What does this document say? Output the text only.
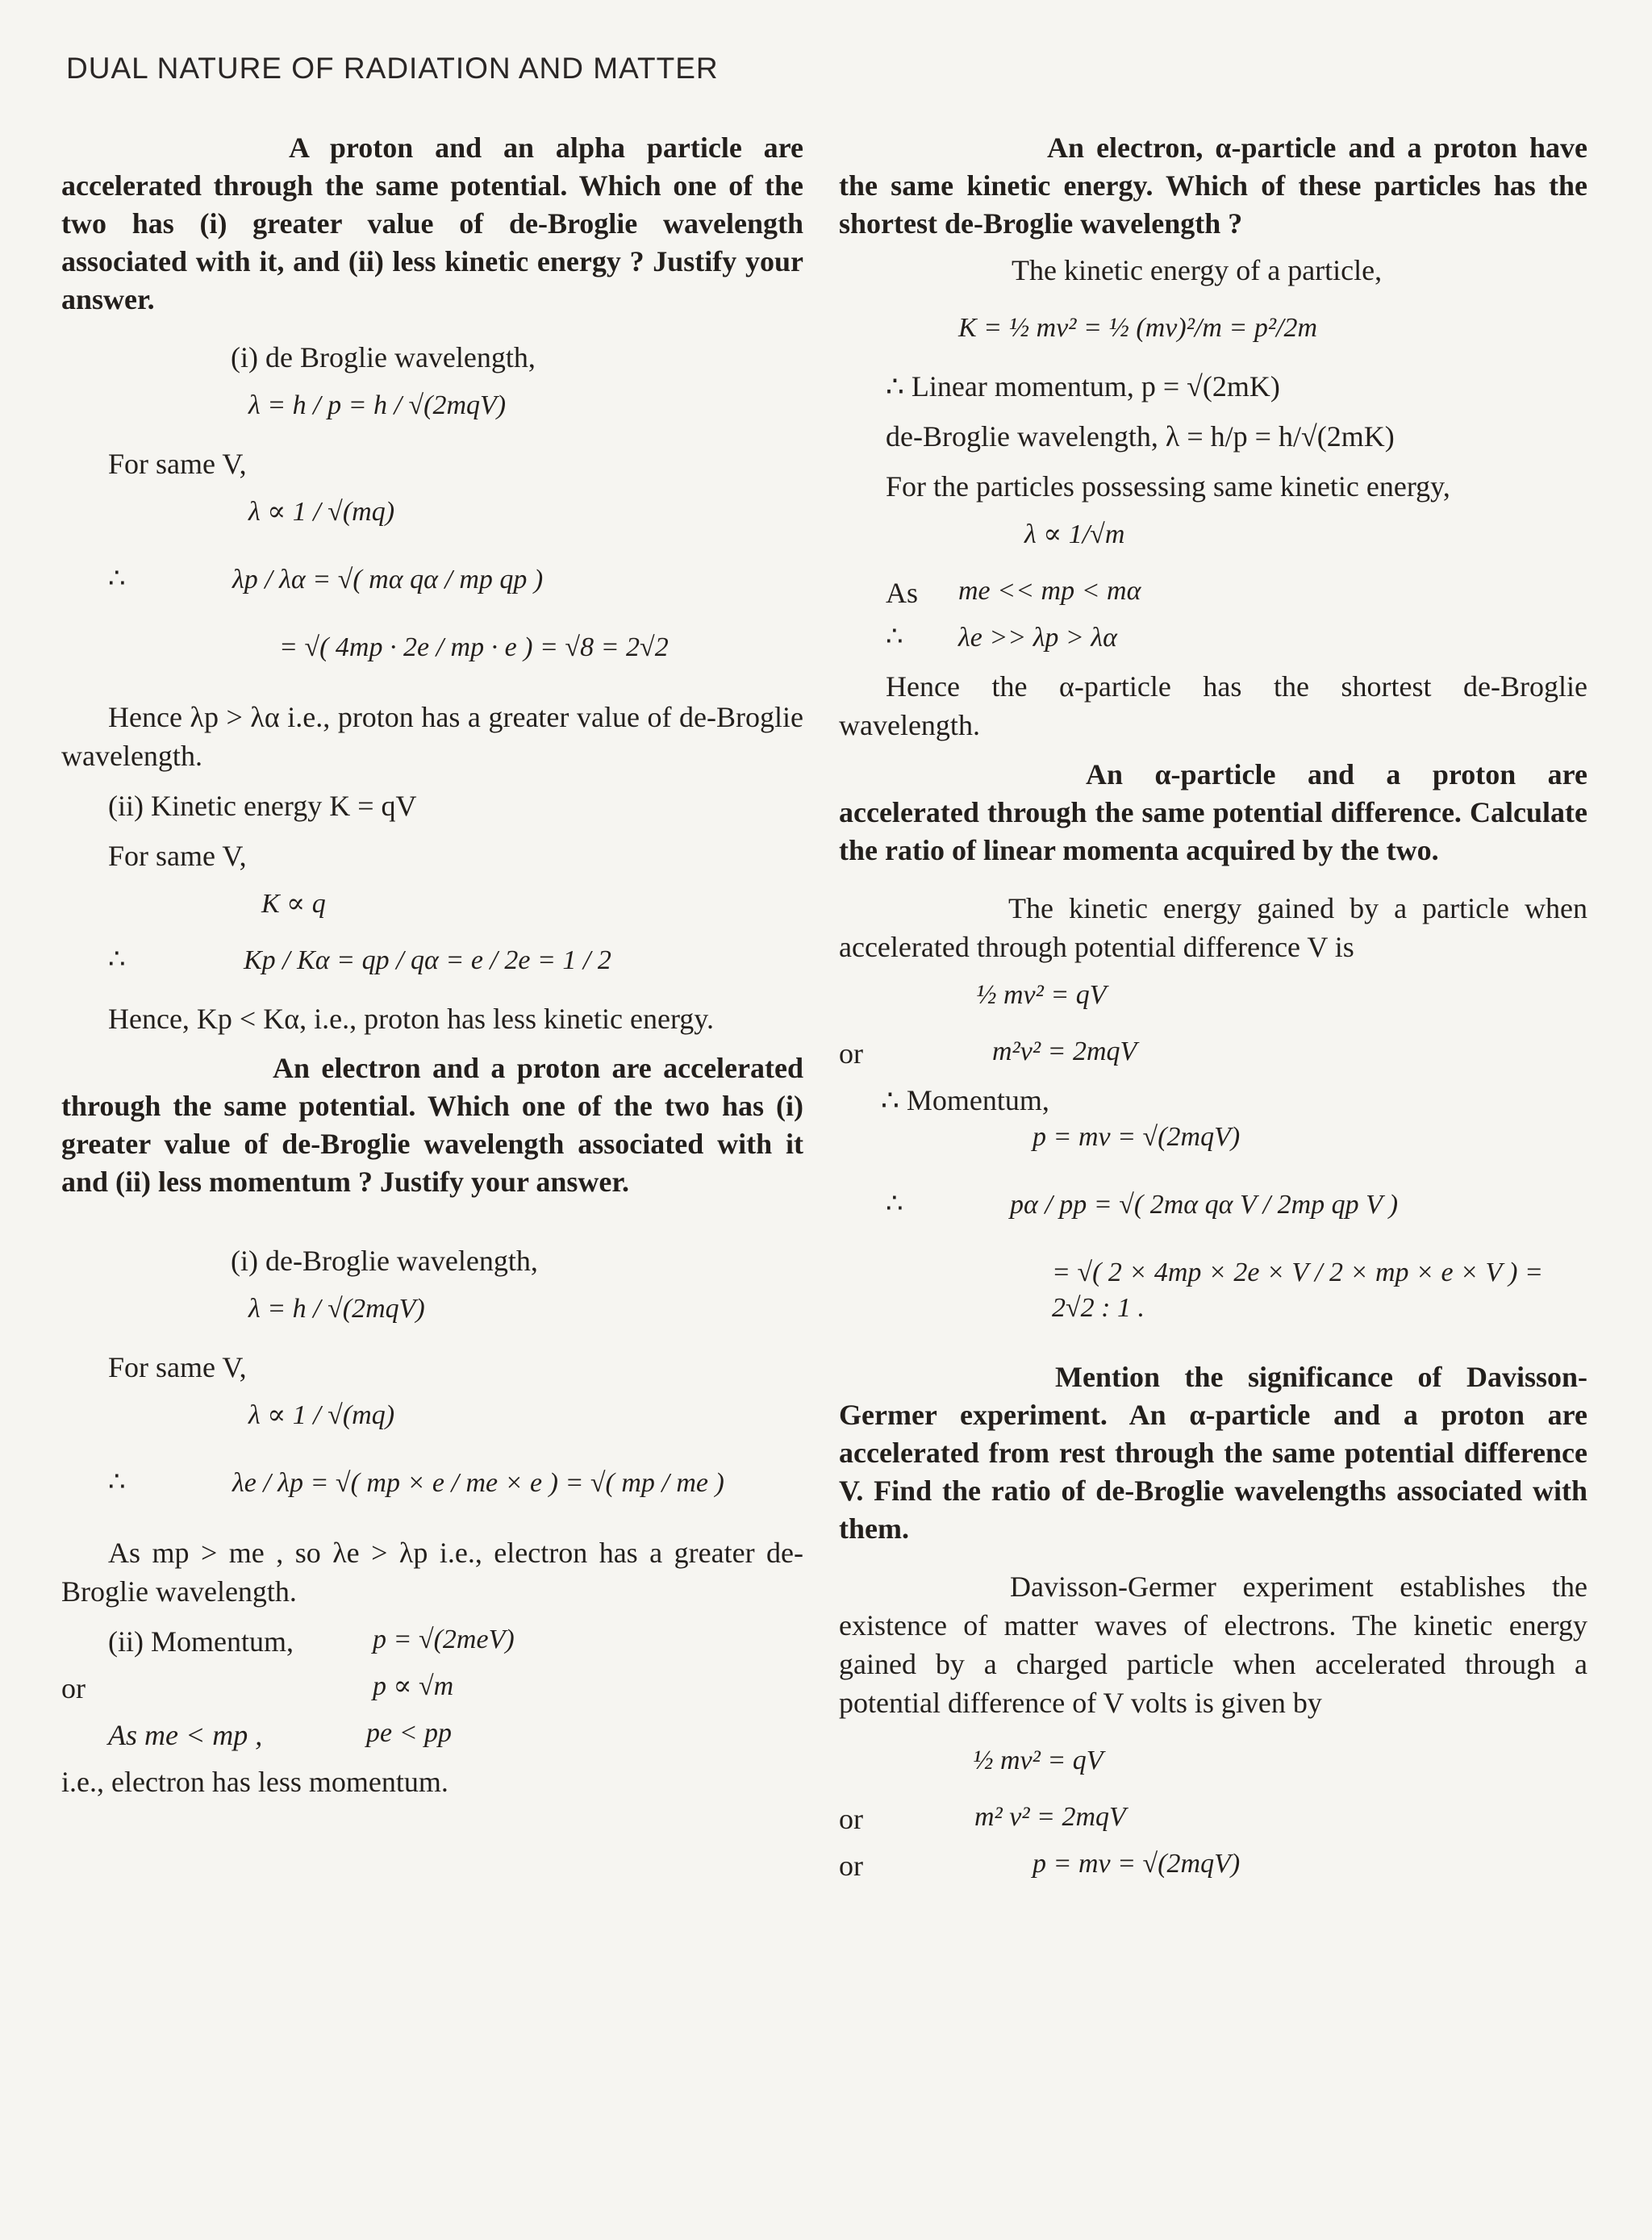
DUAL NATURE OF RADIATION AND MATTER

A proton and an alpha particle are accelerated through the same potential. Which one of the two has (i) greater value of de-Broglie wavelength associated with it, and (ii) less kinetic energy ? Justify your answer.

(i) de Broglie wavelength,

λ = h / p = h / √(2mqV)

For same V,

λ ∝ 1 / √(mq)

∴	λp / λα = √( mα qα / mp qp )

= √( 4mp · 2e / mp · e ) = √8 = 2√2

Hence λp > λα i.e., proton has a greater value of de-Broglie wavelength.

(ii) Kinetic energy K = qV

For same V,

K ∝ q

∴	Kp / Kα = qp / qα = e / 2e = 1 / 2

Hence, Kp < Kα, i.e., proton has less kinetic energy.

An electron and a proton are accelerated through the same potential. Which one of the two has (i) greater value of de-Broglie wavelength associated with it and (ii) less momentum ? Justify your answer.

(i) de-Broglie wavelength,

λ = h / √(2mqV)

For same V,

λ ∝ 1 / √(mq)

∴	λe / λp = √( mp × e / me × e ) = √( mp / me )

As mp > me , so λe > λp i.e., electron has a greater de-Broglie wavelength.

(ii) Momentum,	p = √(2meV)

or	p ∝ √m

As me < mp ,	pe < pp

i.e., electron has less momentum.

An electron, α-particle and a proton have the same kinetic energy. Which of these particles has the shortest de-Broglie wavelength ?

The kinetic energy of a particle,

K = ½ mv² = ½ (mv)²/m = p²/2m

∴ Linear momentum, p = √(2mK)

de-Broglie wavelength, λ = h/p = h/√(2mK)

For the particles possessing same kinetic energy,

λ ∝ 1/√m

As	me << mp < mα

∴	λe >> λp > λα

Hence the α-particle has the shortest de-Broglie wavelength.

An α-particle and a proton are accelerated through the same potential difference. Calculate the ratio of linear momenta acquired by the two.

The kinetic energy gained by a particle when accelerated through potential difference V is

½ mv² = qV

or	m²v² = 2mqV

∴ Momentum,

p = mv = √(2mqV)

∴	pα / pp = √( 2mα qα V / 2mp qp V )

= √( 2 × 4mp × 2e × V / 2 × mp × e × V ) = 2√2 : 1 .

Mention the significance of Davisson-Germer experiment. An α-particle and a proton are accelerated from rest through the same potential difference V. Find the ratio of de-Broglie wavelengths associated with them.

Davisson-Germer experiment establishes the existence of matter waves of electrons. The kinetic energy gained by a charged particle when accelerated through a potential difference of V volts is given by

½ mv² = qV

or	m² v² = 2mqV

or	p = mv = √(2mqV)
